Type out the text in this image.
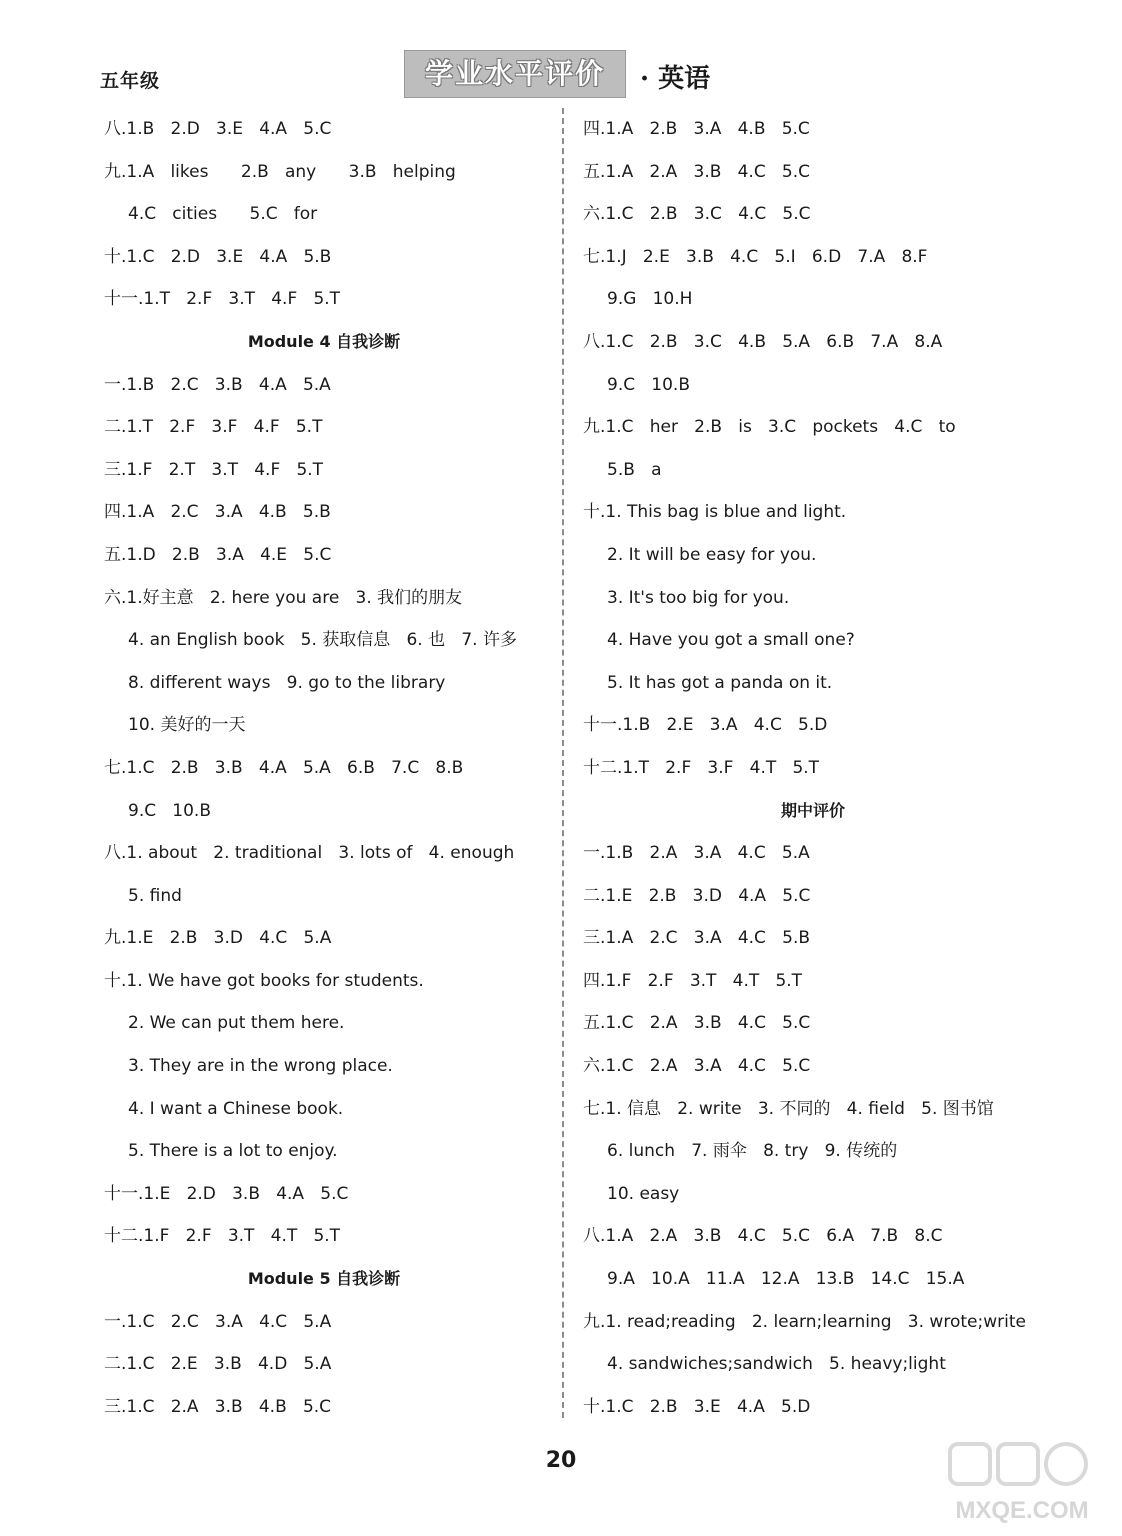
五年级	学业水平评价	· 英语
八.1.B   2.D   3.E   4.A   5.C
九.1.A   likes      2.B   any      3.B   helping
4.C   cities      5.C   for
十.1.C   2.D   3.E   4.A   5.B
十一.1.T   2.F   3.T   4.F   5.T
Module 4 自我诊断
一.1.B   2.C   3.B   4.A   5.A
二.1.T   2.F   3.F   4.F   5.T
三.1.F   2.T   3.T   4.F   5.T
四.1.A   2.C   3.A   4.B   5.B
五.1.D   2.B   3.A   4.E   5.C
六.1.好主意   2. here you are   3. 我们的朋友
4. an English book   5. 获取信息   6. 也   7. 许多
8. different ways   9. go to the library
10. 美好的一天
七.1.C   2.B   3.B   4.A   5.A   6.B   7.C   8.B
9.C   10.B
八.1. about   2. traditional   3. lots of   4. enough
5. find
九.1.E   2.B   3.D   4.C   5.A
十.1. We have got books for students.
2. We can put them here.
3. They are in the wrong place.
4. I want a Chinese book.
5. There is a lot to enjoy.
十一.1.E   2.D   3.B   4.A   5.C
十二.1.F   2.F   3.T   4.T   5.T
Module 5 自我诊断
一.1.C   2.C   3.A   4.C   5.A
二.1.C   2.E   3.B   4.D   5.A
三.1.C   2.A   3.B   4.B   5.C
四.1.A   2.B   3.A   4.B   5.C
五.1.A   2.A   3.B   4.C   5.C
六.1.C   2.B   3.C   4.C   5.C
七.1.J   2.E   3.B   4.C   5.I   6.D   7.A   8.F
9.G   10.H
八.1.C   2.B   3.C   4.B   5.A   6.B   7.A   8.A
9.C   10.B
九.1.C   her   2.B   is   3.C   pockets   4.C   to
5.B   a
十.1. This bag is blue and light.
2. It will be easy for you.
3. It's too big for you.
4. Have you got a small one?
5. It has got a panda on it.
十一.1.B   2.E   3.A   4.C   5.D
十二.1.T   2.F   3.F   4.T   5.T
期中评价
一.1.B   2.A   3.A   4.C   5.A
二.1.E   2.B   3.D   4.A   5.C
三.1.A   2.C   3.A   4.C   5.B
四.1.F   2.F   3.T   4.T   5.T
五.1.C   2.A   3.B   4.C   5.C
六.1.C   2.A   3.A   4.C   5.C
七.1. 信息   2. write   3. 不同的   4. field   5. 图书馆
6. lunch   7. 雨伞   8. try   9. 传统的
10. easy
八.1.A   2.A   3.B   4.C   5.C   6.A   7.B   8.C
9.A   10.A   11.A   12.A   13.B   14.C   15.A
九.1. read;reading   2. learn;learning   3. wrote;write
4. sandwiches;sandwich   5. heavy;light
十.1.C   2.B   3.E   4.A   5.D
20
MXQE.COM
